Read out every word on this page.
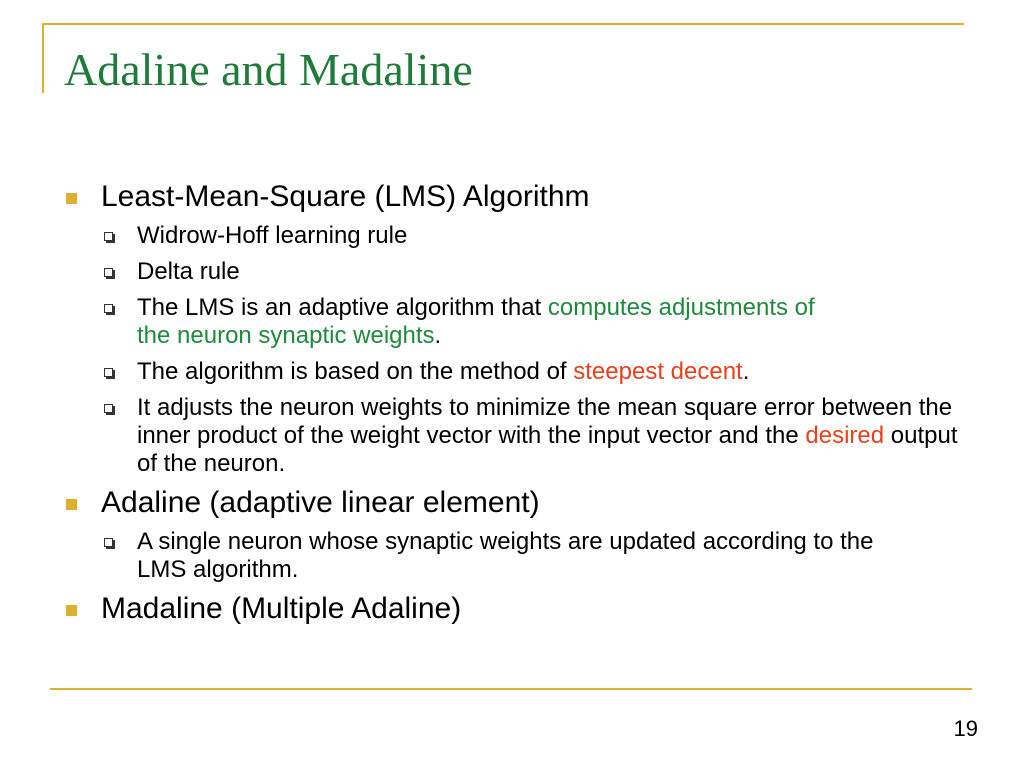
Adaline and Madaline
Least-Mean-Square (LMS) Algorithm
Widrow-Hoff learning rule
Delta rule
The LMS is an adaptive algorithm that computes adjustments of the neuron synaptic weights.
The algorithm is based on the method of steepest decent.
It adjusts the neuron weights to minimize the mean square error between the inner product of the weight vector with the input vector and the desired output of the neuron.
Adaline (adaptive linear element)
A single neuron whose synaptic weights are updated according to the LMS algorithm.
Madaline (Multiple Adaline)
19
